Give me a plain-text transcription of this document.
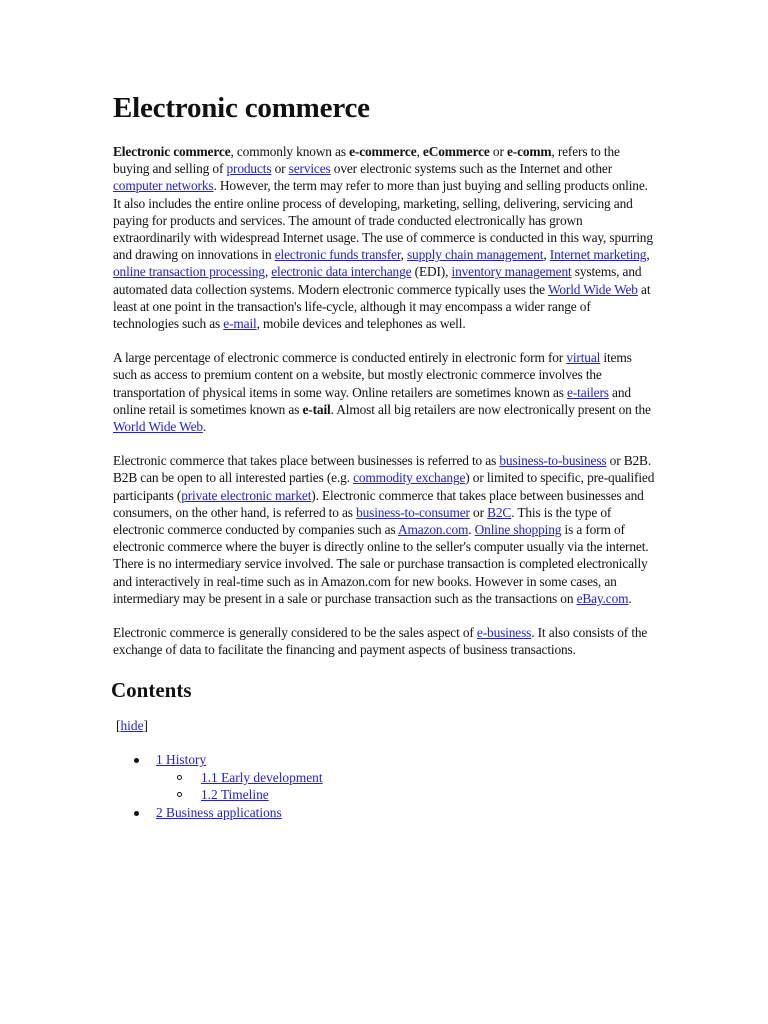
Electronic commerce

Electronic commerce, commonly known as e-commerce, eCommerce or e-comm, refers to the buying and selling of products or services over electronic systems such as the Internet and other computer networks. However, the term may refer to more than just buying and selling products online. It also includes the entire online process of developing, marketing, selling, delivering, servicing and paying for products and services. The amount of trade conducted electronically has grown extraordinarily with widespread Internet usage. The use of commerce is conducted in this way, spurring and drawing on innovations in electronic funds transfer, supply chain management, Internet marketing, online transaction processing, electronic data interchange (EDI), inventory management systems, and automated data collection systems. Modern electronic commerce typically uses the World Wide Web at least at one point in the transaction's life-cycle, although it may encompass a wider range of technologies such as e-mail, mobile devices and telephones as well.

A large percentage of electronic commerce is conducted entirely in electronic form for virtual items such as access to premium content on a website, but mostly electronic commerce involves the transportation of physical items in some way. Online retailers are sometimes known as e-tailers and online retail is sometimes known as e-tail. Almost all big retailers are now electronically present on the World Wide Web.

Electronic commerce that takes place between businesses is referred to as business-to-business or B2B. B2B can be open to all interested parties (e.g. commodity exchange) or limited to specific, pre-qualified participants (private electronic market). Electronic commerce that takes place between businesses and consumers, on the other hand, is referred to as business-to-consumer or B2C. This is the type of electronic commerce conducted by companies such as Amazon.com. Online shopping is a form of electronic commerce where the buyer is directly online to the seller's computer usually via the internet. There is no intermediary service involved. The sale or purchase transaction is completed electronically and interactively in real-time such as in Amazon.com for new books. However in some cases, an intermediary may be present in a sale or purchase transaction such as the transactions on eBay.com.

Electronic commerce is generally considered to be the sales aspect of e-business. It also consists of the exchange of data to facilitate the financing and payment aspects of business transactions.

Contents
[hide]
1 History
1.1 Early development
1.2 Timeline
2 Business applications
